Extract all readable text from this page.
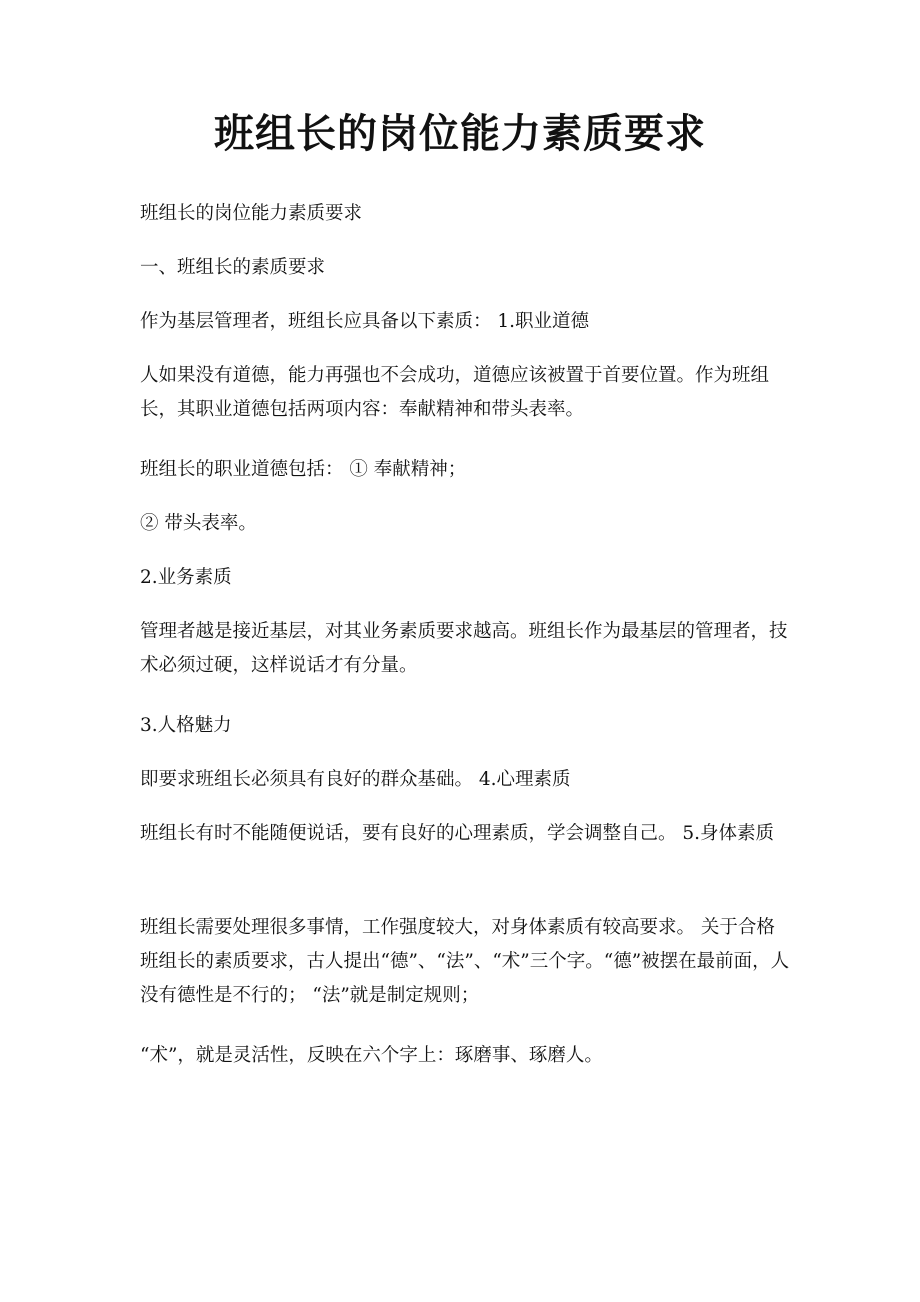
班组长的岗位能力素质要求

班组长的岗位能力素质要求

一、班组长的素质要求

作为基层管理者，班组长应具备以下素质： 1.职业道德

人如果没有道德，能力再强也不会成功，道德应该被置于首要位置。作为班组长，其职业道德包括两项内容：奉献精神和带头表率。

班组长的职业道德包括： ① 奉献精神；

② 带头表率。

2.业务素质

管理者越是接近基层，对其业务素质要求越高。班组长作为最基层的管理者，技术必须过硬，这样说话才有分量。

3.人格魅力

即要求班组长必须具有良好的群众基础。 4.心理素质

班组长有时不能随便说话，要有良好的心理素质，学会调整自己。 5.身体素质

班组长需要处理很多事情，工作强度较大，对身体素质有较高要求。 关于合格班组长的素质要求，古人提出“德”、“法”、“术”三个字。“德”被摆在最前面，人没有德性是不行的； “法”就是制定规则；

“术”，就是灵活性，反映在六个字上：琢磨事、琢磨人。
